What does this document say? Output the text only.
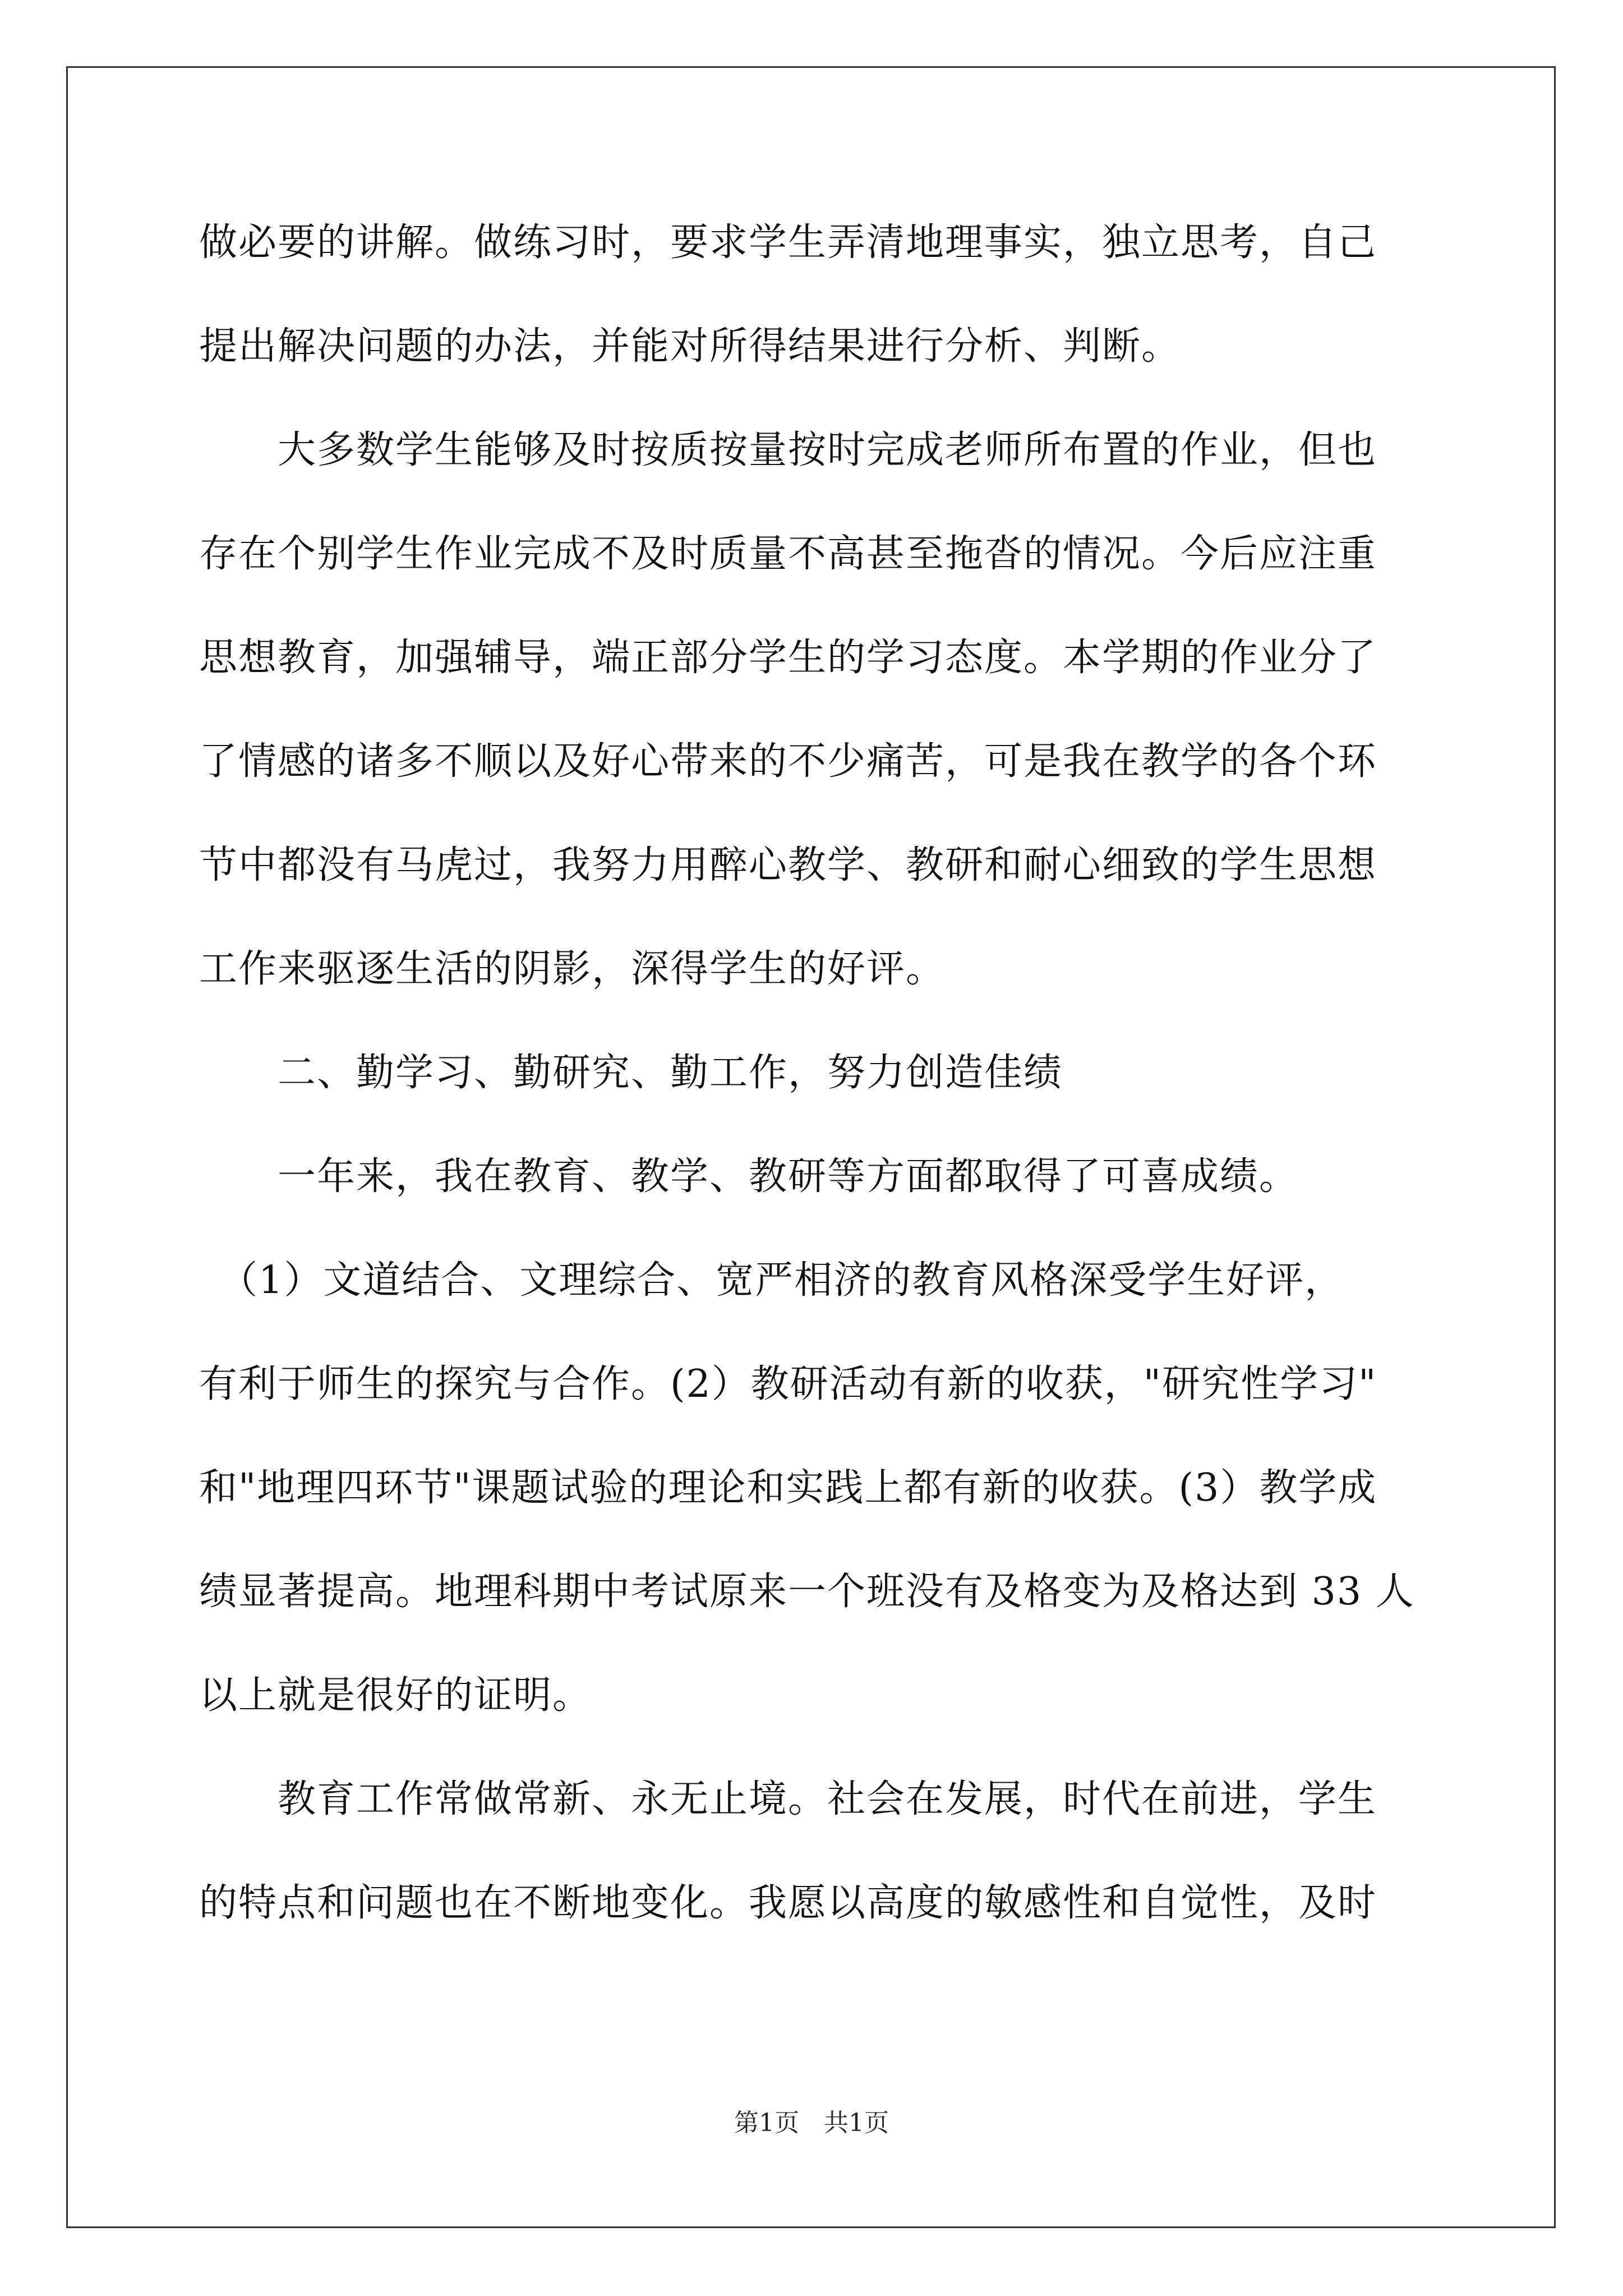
做必要的讲解。做练习时，要求学生弄清地理事实，独立思考，自己
提出解决问题的办法，并能对所得结果进行分析、判断。
　　大多数学生能够及时按质按量按时完成老师所布置的作业，但也
存在个别学生作业完成不及时质量不高甚至拖沓的情况。今后应注重
思想教育，加强辅导，端正部分学生的学习态度。本学期的作业分了
了情感的诸多不顺以及好心带来的不少痛苦，可是我在教学的各个环
节中都没有马虎过，我努力用醉心教学、教研和耐心细致的学生思想
工作来驱逐生活的阴影，深得学生的好评。
　　二、勤学习、勤研究、勤工作，努力创造佳绩
　　一年来，我在教育、教学、教研等方面都取得了可喜成绩。
　（1）文道结合、文理综合、宽严相济的教育风格深受学生好评，
有利于师生的探究与合作。(2）教研活动有新的收获，"研究性学习"
和"地理四环节"课题试验的理论和实践上都有新的收获。(3）教学成
绩显著提高。地理科期中考试原来一个班没有及格变为及格达到 33 人
以上就是很好的证明。
　　教育工作常做常新、永无止境。社会在发展，时代在前进，学生
的特点和问题也在不断地变化。我愿以高度的敏感性和自觉性，及时
第1页　共1页
